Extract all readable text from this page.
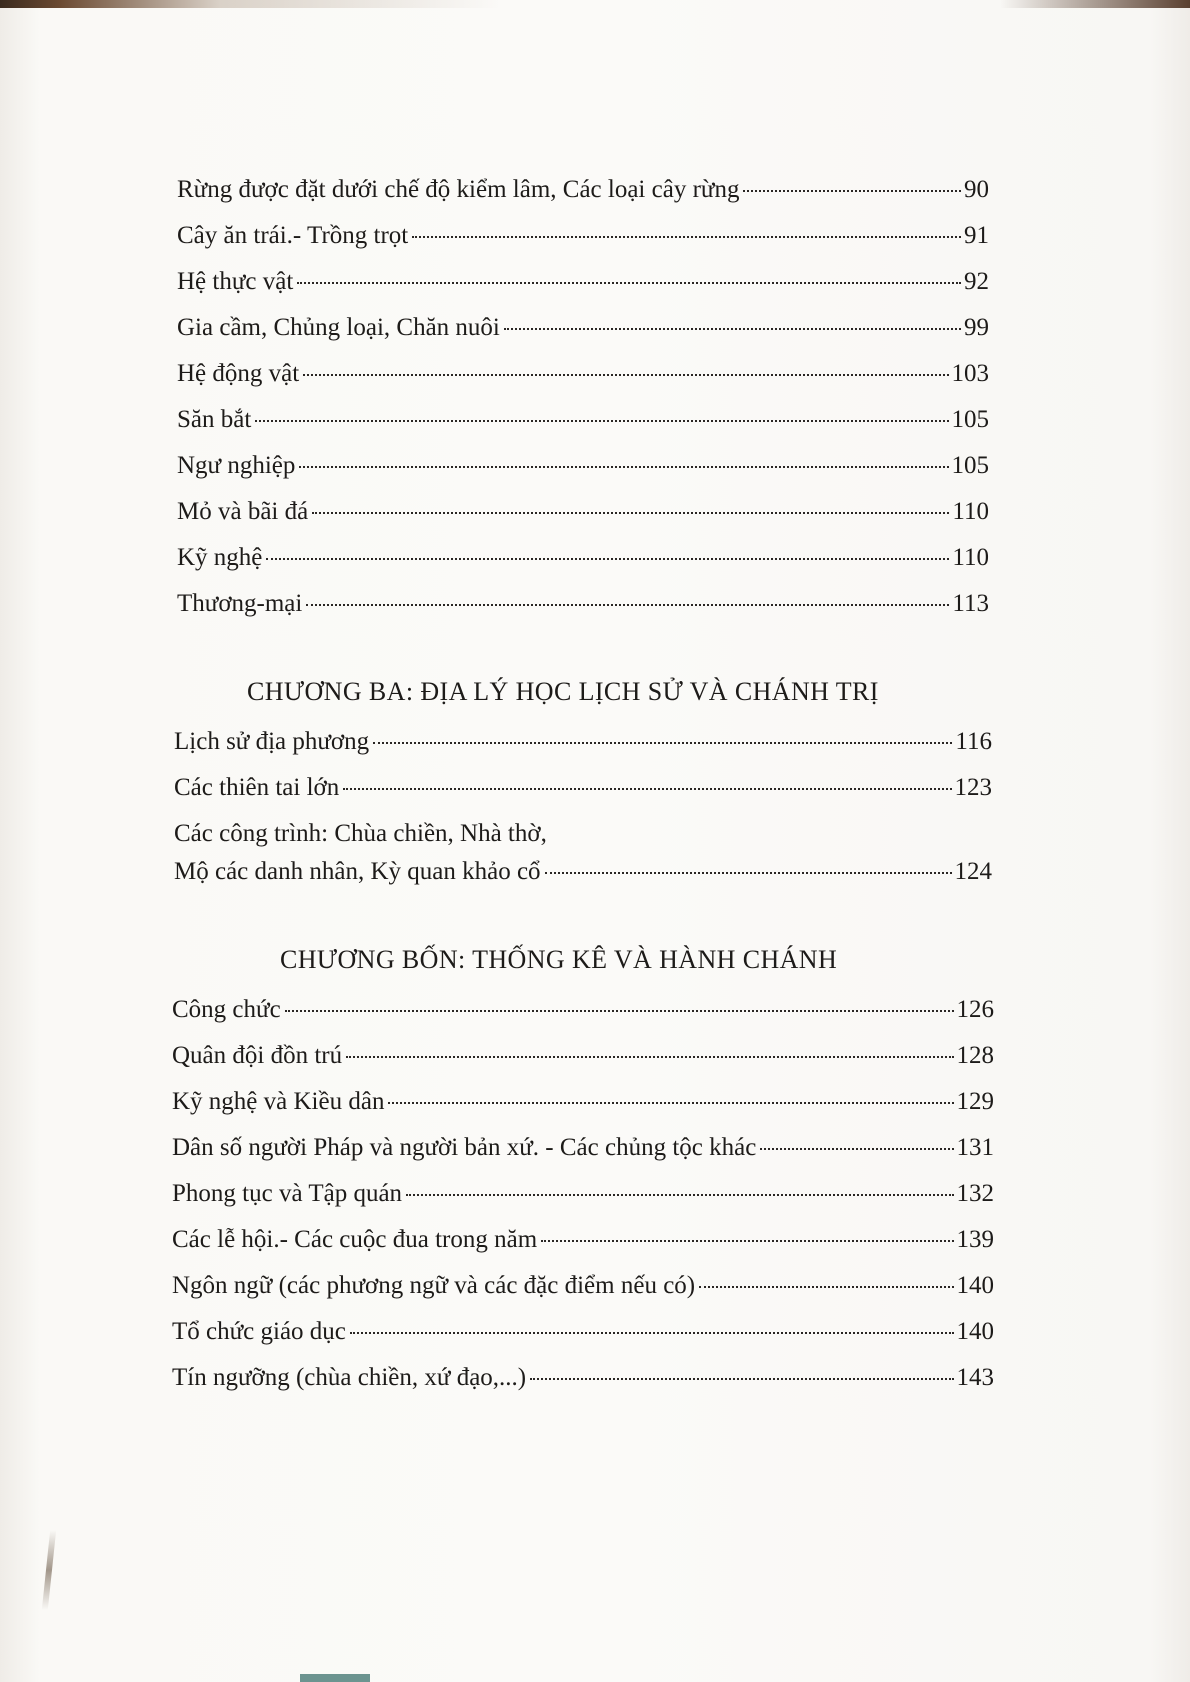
Rừng được đặt dưới chế độ kiểm lâm, Các loại cây rừng	90
Cây ăn trái.- Trồng trọt	91
Hệ thực vật	92
Gia cầm, Chủng loại, Chăn nuôi	99
Hệ động vật	103
Săn bắt	105
Ngư nghiệp	105
Mỏ và bãi đá	110
Kỹ nghệ	110
Thương-mại	113
CHƯƠNG BA: ĐỊA LÝ HỌC LỊCH SỬ VÀ CHÁNH TRỊ
Lịch sử địa phương	116
Các thiên tai lớn	123
Các công trình: Chùa chiền, Nhà thờ,
Mộ các danh nhân, Kỳ quan khảo cổ	124
CHƯƠNG BỐN: THỐNG KÊ VÀ HÀNH CHÁNH
Công chức	126
Quân đội đồn trú	128
Kỹ nghệ và Kiều dân	129
Dân số người Pháp và người bản xứ. - Các chủng tộc khác	131
Phong tục và Tập quán	132
Các lễ hội.- Các cuộc đua trong năm	139
Ngôn ngữ (các phương ngữ và các đặc điểm nếu có)	140
Tổ chức giáo dục	140
Tín ngưỡng (chùa chiền, xứ đạo,...)	143
